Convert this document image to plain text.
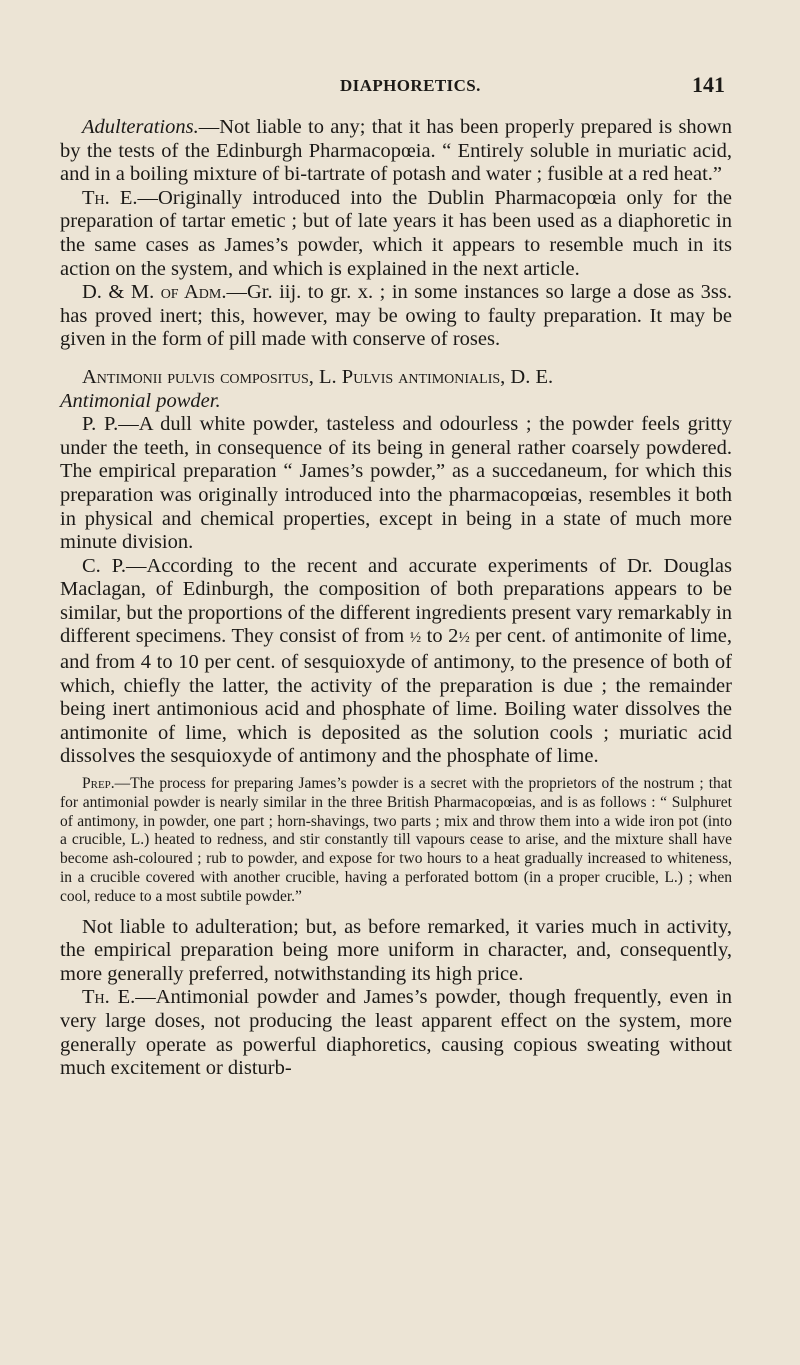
DIAPHORETICS.	141

Adulterations.—Not liable to any; that it has been properly prepared is shown by the tests of the Edinburgh Pharmacopœia. “ Entirely soluble in muriatic acid, and in a boiling mixture of bi-tartrate of potash and water ; fusible at a red heat.”

Th. E.—Originally introduced into the Dublin Pharmacopœia only for the preparation of tartar emetic ; but of late years it has been used as a diaphoretic in the same cases as James’s powder, which it appears to resemble much in its action on the system, and which is explained in the next article.

D. & M. of Adm.—Gr. iij. to gr. x. ; in some instances so large a dose as 3ss. has proved inert; this, however, may be owing to faulty preparation. It may be given in the form of pill made with conserve of roses.

Antimonii pulvis compositus, L. Pulvis antimonialis, D. E.
Antimonial powder.

P. P.—A dull white powder, tasteless and odourless ; the powder feels gritty under the teeth, in consequence of its being in general rather coarsely powdered. The empirical preparation “ James’s powder,” as a succedaneum, for which this preparation was originally introduced into the pharmacopœias, resembles it both in physical and chemical properties, except in being in a state of much more minute division.

C. P.—According to the recent and accurate experiments of Dr. Douglas Maclagan, of Edinburgh, the composition of both preparations appears to be similar, but the proportions of the different ingredients present vary remarkably in different specimens. They consist of from ½ to 2½ per cent. of antimonite of lime, and from 4 to 10 per cent. of sesquioxyde of antimony, to the presence of both of which, chiefly the latter, the activity of the preparation is due ; the remainder being inert antimonious acid and phosphate of lime. Boiling water dissolves the antimonite of lime, which is deposited as the solution cools ; muriatic acid dissolves the sesquioxyde of antimony and the phosphate of lime.

Prep.—The process for preparing James’s powder is a secret with the proprietors of the nostrum ; that for antimonial powder is nearly similar in the three British Pharmacopœias, and is as follows : “ Sulphuret of antimony, in powder, one part ; horn-shavings, two parts ; mix and throw them into a wide iron pot (into a crucible, L.) heated to redness, and stir constantly till vapours cease to arise, and the mixture shall have become ash-coloured ; rub to powder, and expose for two hours to a heat gradually increased to whiteness, in a crucible covered with another crucible, having a perforated bottom (in a proper crucible, L.) ; when cool, reduce to a most subtile powder.”

Not liable to adulteration; but, as before remarked, it varies much in activity, the empirical preparation being more uniform in character, and, consequently, more generally preferred, notwithstanding its high price.

Th. E.—Antimonial powder and James’s powder, though frequently, even in very large doses, not producing the least apparent effect on the system, more generally operate as powerful diaphoretics, causing copious sweating without much excitement or disturb-
